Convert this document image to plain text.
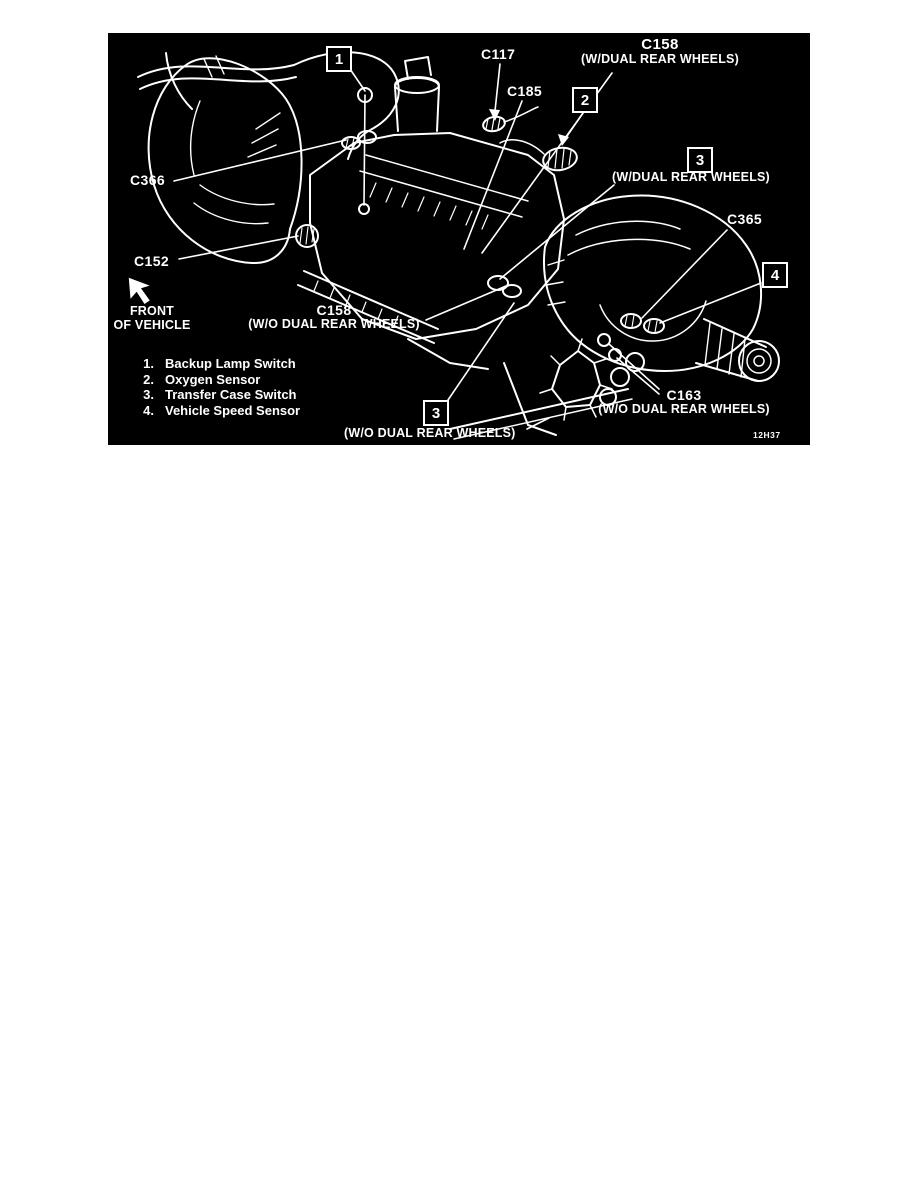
1
2
3
3
4
C117
C158
(W/DUAL REAR WHEELS)
C185
(W/DUAL REAR WHEELS)
C365
C366
C152
C158
(W/O DUAL REAR WHEELS)
C163
(W/O DUAL REAR WHEELS)
(W/O DUAL REAR WHEELS)
FRONT
OF VEHICLE
1. Backup Lamp Switch
2. Oxygen Sensor
3. Transfer Case Switch
4. Vehicle Speed Sensor
12H37
